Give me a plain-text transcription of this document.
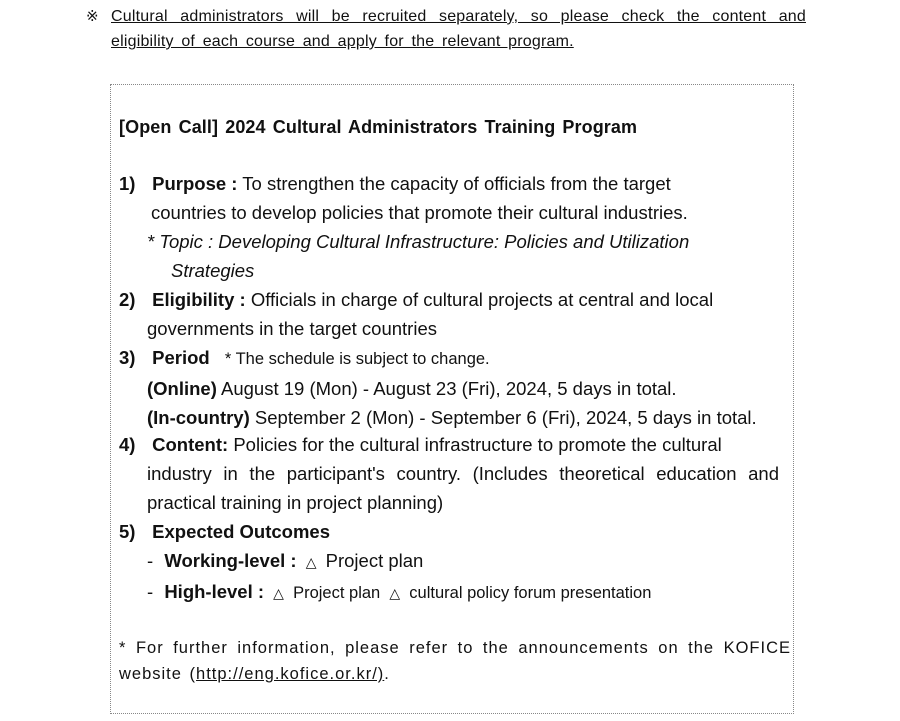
※ Cultural administrators will be recruited separately, so please check the content and eligibility of each course and apply for the relevant program.
[Open Call] 2024 Cultural Administrators Training Program
1) Purpose : To strengthen the capacity of officials from the target
countries to develop policies that promote their cultural industries.
* Topic : Developing Cultural Infrastructure: Policies and Utilization
Strategies
2) Eligibility : Officials in charge of cultural projects at central and local
governments in the target countries
3) Period * The schedule is subject to change.
(Online) August 19 (Mon) - August 23 (Fri), 2024, 5 days in total.
(In-country) September 2 (Mon) - September 6 (Fri), 2024, 5 days in total.
4) Content: Policies for the cultural infrastructure to promote the cultural
industry in the participant's country. (Includes theoretical education and
practical training in project planning)
5) Expected Outcomes
- Working-level : △ Project plan
- High-level : △ Project plan △ cultural policy forum presentation
* For further information, please refer to the announcements on the KOFICE website (http://eng.kofice.or.kr/).
